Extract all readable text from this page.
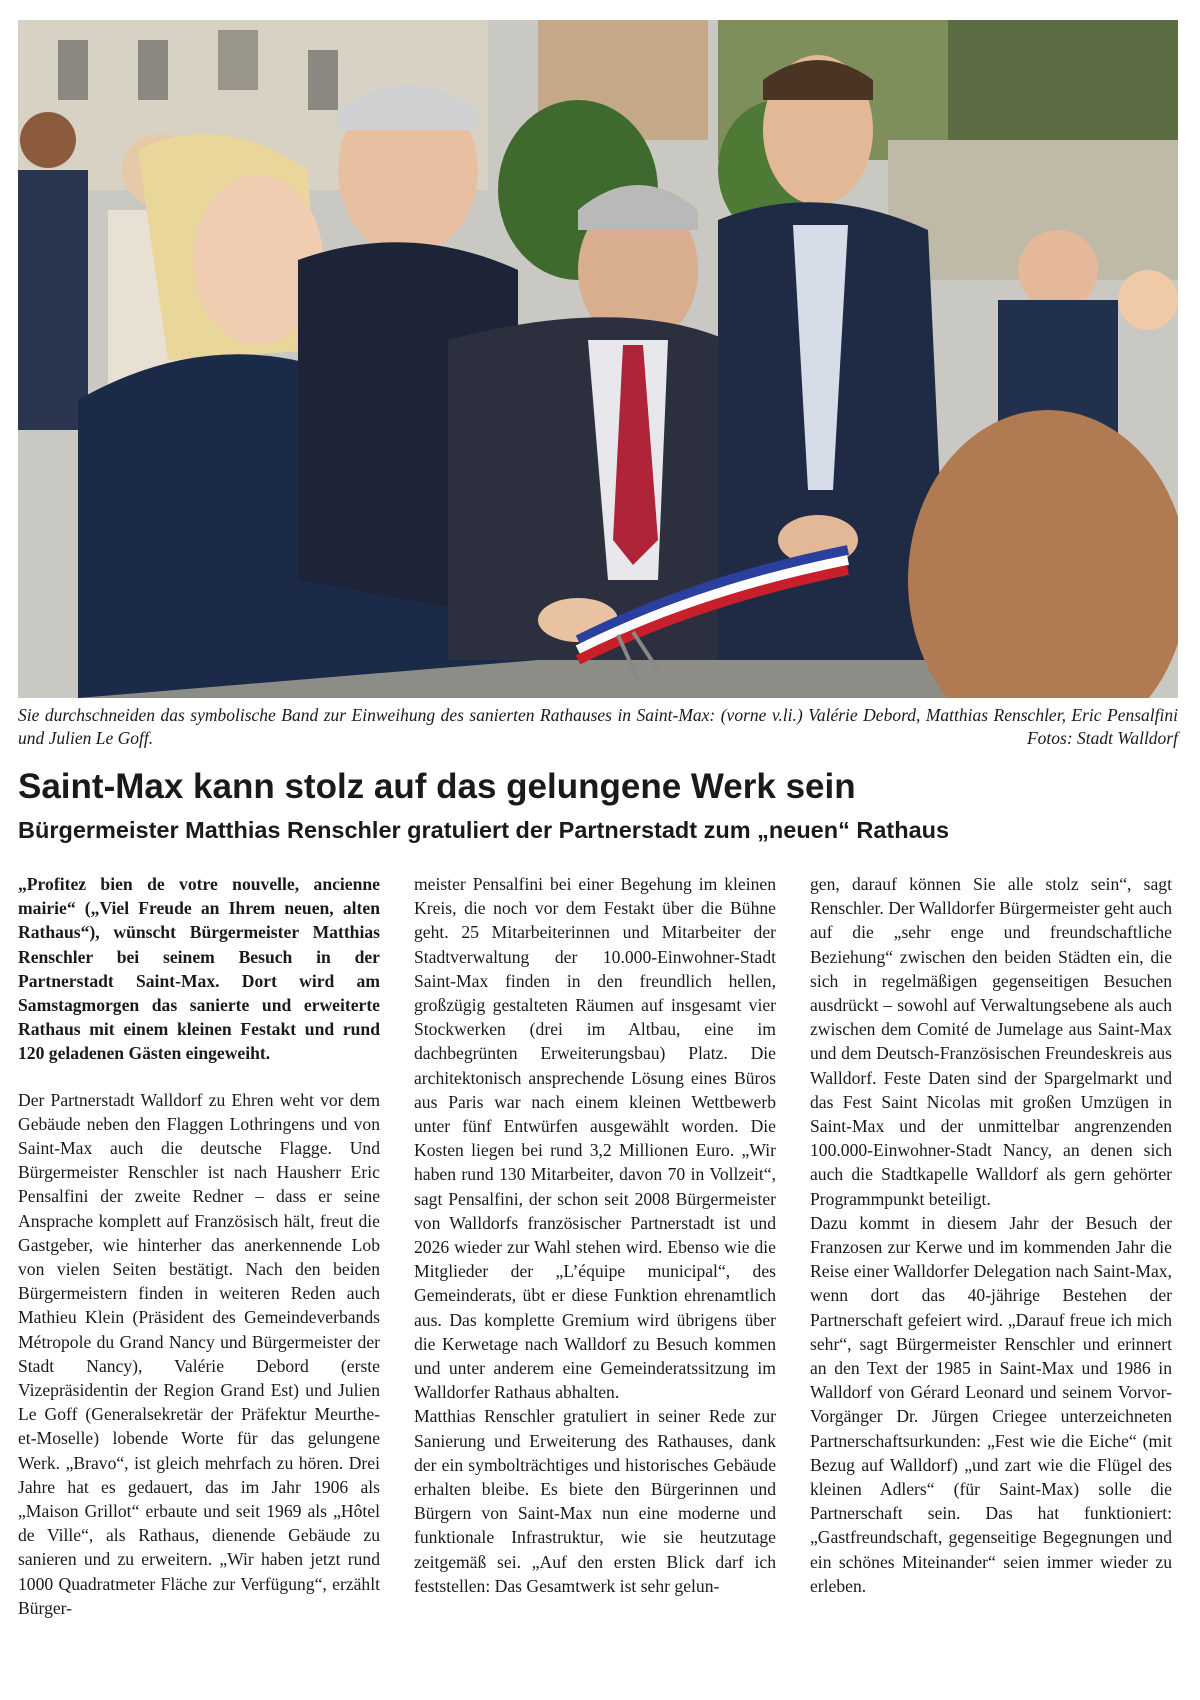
Sie durchschneiden das symbolische Band zur Einweihung des sanierten Rathauses in Saint-Max: (vorne v.li.) Valérie Debord, Matthias Renschler, Eric Pensalfini und Julien Le Goff.	Fotos: Stadt Walldorf
Saint-Max kann stolz auf das gelungene Werk sein
Bürgermeister Matthias Renschler gratuliert der Partnerstadt zum „neuen“ Rathaus

„Profitez bien de votre nouvelle, ancienne mairie“ („Viel Freude an Ihrem neuen, alten Rathaus“), wünscht Bürgermeister Matthias Renschler bei seinem Besuch in der Partnerstadt Saint-Max. Dort wird am Samstagmorgen das sanierte und erweiterte Rathaus mit einem kleinen Festakt und rund 120 geladenen Gästen eingeweiht.

Der Partnerstadt Walldorf zu Ehren weht vor dem Gebäude neben den Flaggen Lothringens und von Saint-Max auch die deutsche Flagge. Und Bürgermeister Renschler ist nach Hausherr Eric Pensalfini der zweite Redner – dass er seine Ansprache komplett auf Französisch hält, freut die Gastgeber, wie hinterher das anerkennende Lob von vielen Seiten bestätigt. Nach den beiden Bürgermeistern finden in weiteren Reden auch Mathieu Klein (Präsident des Gemeindeverbands Métropole du Grand Nancy und Bürgermeister der Stadt Nancy), Valérie Debord (erste Vizepräsidentin der Region Grand Est) und Julien Le Goff (Generalsekretär der Präfektur Meurthe-et-Moselle) lobende Worte für das gelungene Werk. „Bravo“, ist gleich mehrfach zu hören. Drei Jahre hat es gedauert, das im Jahr 1906 als „Maison Grillot“ erbaute und seit 1969 als „Hôtel de Ville“, als Rathaus, dienende Gebäude zu sanieren und zu erweitern. „Wir haben jetzt rund 1000 Quadratmeter Fläche zur Verfügung“, erzählt Bürger-

meister Pensalfini bei einer Begehung im kleinen Kreis, die noch vor dem Festakt über die Bühne geht. 25 Mitarbeiterinnen und Mitarbeiter der Stadtverwaltung der 10.000-Einwohner-Stadt Saint-Max finden in den freundlich hellen, großzügig gestalteten Räumen auf insgesamt vier Stockwerken (drei im Altbau, eine im dachbegrünten Erweiterungsbau) Platz. Die architektonisch ansprechende Lösung eines Büros aus Paris war nach einem kleinen Wettbewerb unter fünf Entwürfen ausgewählt worden. Die Kosten liegen bei rund 3,2 Millionen Euro. „Wir haben rund 130 Mitarbeiter, davon 70 in Vollzeit“, sagt Pensalfini, der schon seit 2008 Bürgermeister von Walldorfs französischer Partnerstadt ist und 2026 wieder zur Wahl stehen wird. Ebenso wie die Mitglieder der „L’équipe municipal“, des Gemeinderats, übt er diese Funktion ehrenamtlich aus. Das komplette Gremium wird übrigens über die Kerwetage nach Walldorf zu Besuch kommen und unter anderem eine Gemeinderatssitzung im Walldorfer Rathaus abhalten.

Matthias Renschler gratuliert in seiner Rede zur Sanierung und Erweiterung des Rathauses, dank der ein symbolträchtiges und historisches Gebäude erhalten bleibe. Es biete den Bürgerinnen und Bürgern von Saint-Max nun eine moderne und funktionale Infrastruktur, wie sie heutzutage zeitgemäß sei. „Auf den ersten Blick darf ich feststellen: Das Gesamtwerk ist sehr gelun-

gen, darauf können Sie alle stolz sein“, sagt Renschler. Der Walldorfer Bürgermeister geht auch auf die „sehr enge und freundschaftliche Beziehung“ zwischen den beiden Städten ein, die sich in regelmäßigen gegenseitigen Besuchen ausdrückt – sowohl auf Verwaltungsebene als auch zwischen dem Comité de Jumelage aus Saint-Max und dem Deutsch-Französischen Freundeskreis aus Walldorf. Feste Daten sind der Spargelmarkt und das Fest Saint Nicolas mit großen Umzügen in Saint-Max und der unmittelbar angrenzenden 100.000-Einwohner-Stadt Nancy, an denen sich auch die Stadtkapelle Walldorf als gern gehörter Programmpunkt beteiligt.

Dazu kommt in diesem Jahr der Besuch der Franzosen zur Kerwe und im kommenden Jahr die Reise einer Walldorfer Delegation nach Saint-Max, wenn dort das 40-jährige Bestehen der Partnerschaft gefeiert wird. „Darauf freue ich mich sehr“, sagt Bürgermeister Renschler und erinnert an den Text der 1985 in Saint-Max und 1986 in Walldorf von Gérard Leonard und seinem Vorvor-Vorgänger Dr. Jürgen Criegee unterzeichneten Partnerschaftsurkunden: „Fest wie die Eiche“ (mit Bezug auf Walldorf) „und zart wie die Flügel des kleinen Adlers“ (für Saint-Max) solle die Partnerschaft sein. Das hat funktioniert: „Gastfreundschaft, gegenseitige Begegnungen und ein schönes Miteinander“ seien immer wieder zu erleben.
